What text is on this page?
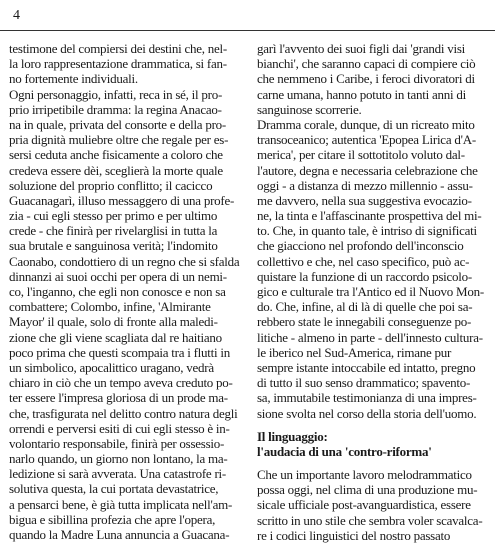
4
testimone del compiersi dei destini che, nel-
la loro rappresentazione drammatica, si fan-
no fortemente individuali.
Ogni personaggio, infatti, reca in sé, il pro-
prio irripetibile dramma: la regina Anacao-
na in quale, privata del consorte e della pro-
pria dignità muliebre oltre che regale per es-
sersi ceduta anche fisicamente a coloro che
credeva essere dèi, sceglierà la morte quale
soluzione del proprio conflitto; il cacicco
Guacanagarì, illuso messaggero di una profe-
zia - cui egli stesso per primo e per ultimo
crede - che finirà per rivelarglisi in tutta la
sua brutale e sanguinosa verità; l'indomito
Caonabo, condottiero di un regno che si sfalda
dinnanzi ai suoi occhi per opera di un nemi-
co, l'inganno, che egli non conosce e non sa
combattere; Colombo, infine, 'Almirante
Mayor' il quale, solo di fronte alla maledi-
zione che gli viene scagliata dal re haitiano
poco prima che questi scompaia tra i flutti in
un simbolico, apocalittico uragano, vedrà
chiaro in ciò che un tempo aveva creduto po-
ter essere l'impresa gloriosa di un prode ma-
che, trasfigurata nel delitto contro natura degli
orrendi e perversi esiti di cui egli stesso è in-
volontario responsabile, finirà per ossessio-
narlo quando, un giorno non lontano, la ma-
ledizione si sarà avverata. Una catastrofe ri-
solutiva questa, la cui portata devastatrice,
a pensarci bene, è già tutta implicata nell'am-
bigua e sibillina profezia che apre l'opera,
quando la Madre Luna annuncia a Guacana-
garì l'avvento dei suoi figli dai 'grandi visi
bianchi', che saranno capaci di compiere ciò
che nemmeno i Caribe, i feroci divoratori di
carne umana, hanno potuto in tanti anni di
sanguinose scorrerie.
Dramma corale, dunque, di un ricreato mito
transoceanico; autentica 'Epopea Lirica d'A-
merica', per citare il sottotitolo voluto dal-
l'autore, degna e necessaria celebrazione che
oggi - a distanza di mezzo millennio - assu-
me davvero, nella sua suggestiva evocazio-
ne, la tinta e l'affascinante prospettiva del mi-
to. Che, in quanto tale, è intriso di significati
che giacciono nel profondo dell'inconscio
collettivo e che, nel caso specifico, può ac-
quistare la funzione di un raccordo psicolo-
gico e culturale tra l'Antico ed il Nuovo Mon-
do. Che, infine, al di là di quelle che poi sa-
rebbero state le innegabili conseguenze po-
litiche - almeno in parte - dell'innesto cultura-
le iberico nel Sud-America, rimane pur
sempre istante intoccabile ed intatto, pregno
di tutto il suo senso drammatico; spavento-
sa, immutabile testimonianza di una impres-
sione svolta nel corso della storia dell'uomo.
Il linguaggio:
l'audacia di una 'contro-riforma'
Che un importante lavoro melodrammatico
possa oggi, nel clima di una produzione mu-
sicale ufficiale post-avanguardistica, essere
scritto in uno stile che sembra voler scavalca-
re i codici linguistici del nostro passato
